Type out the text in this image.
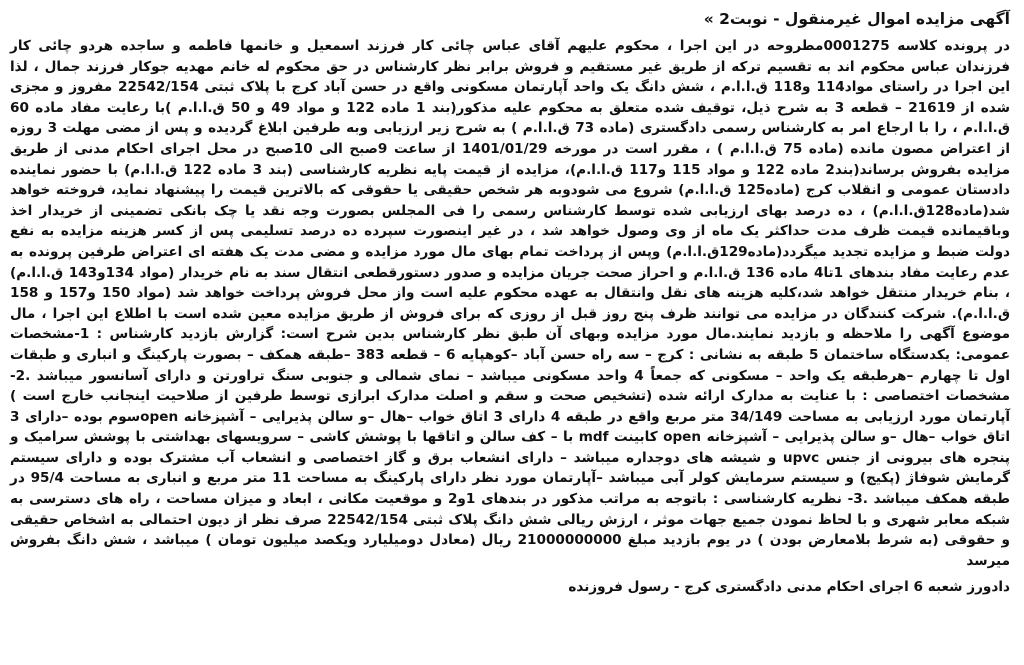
آگهی مزایده اموال غیرمنقول - نوبت2 »

در پرونده کلاسه 0001275مطروحه در این اجرا ، محکوم علیهم آقای عباس چائی کار فرزند اسمعیل و خانمها فاطمه و ساجده هردو چائی کار فرزندان عباس محکوم اند به تقسیم ترکه از طریق غیر مستقیم و فروش برابر نظر کارشناس در حق محکوم له خانم مهدیه جوکار فرزند جمال ، لذا این اجرا در راستای مواد114 و118 ق.ا.ا.م ، شش دانگ یک واحد آپارتمان مسکونی واقع در حسن آباد کرج با پلاک ثبتی 22542/154 مفروز و مجزی شده از 21619 – قطعه 3 به شرح ذیل، توقیف شده متعلق به محکوم علیه مذکور(بند 1 ماده 122 و مواد 49 و 50 ق.ا.ا.م )با رعایت مفاد ماده 60 ق.ا.ا.م ، را با ارجاع امر به کارشناس رسمی دادگستری (ماده 73 ق.ا.ا.م ) به شرح زیر ارزیابی وبه طرفین ابلاغ گردیده و پس از مضی مهلت 3 روزه از اعتراض مصون مانده (ماده 75 ق.ا.ا.م ) ، مقرر است در مورخه 1401/01/29 از ساعت 9صبح الی 10صبح در محل اجرای احکام مدنی از طریق مزایده بفروش برساند(بند2 ماده 122 و مواد 115 و117 ق.ا.ا.م)، مزایده از قیمت پایه نظریه کارشناسی (بند 3 ماده 122 ق.ا.ا.م) با حضور نماینده دادستان عمومی و انقلاب کرج (ماده125 ق.ا.ا.م) شروع می شودوبه هر شخص حقیقی یا حقوقی که بالاترین قیمت را پیشنهاد نماید، فروخته خواهد شد(ماده128ق.ا.ا.م) ، ده درصد بهای ارزیابی شده توسط کارشناس رسمی را فی المجلس بصورت وجه نقد یا چک بانکی تضمینی از خریدار اخذ وباقیمانده قیمت ظرف مدت حداکثر یک ماه از وی وصول خواهد شد ، در غیر اینصورت سپرده ده درصد تسلیمی پس از کسر هزینه مزایده به نفع دولت ضبط و مزایده تجدید میگردد(ماده129ق.ا.ا.م) وپس از پرداخت تمام بهای مال مورد مزایده و مضی مدت یک هفته ای اعتراض طرفین پرونده به عدم رعایت مفاد بندهای 1تا4 ماده 136 ق.ا.ا.م و احراز صحت جریان مزایده و صدور دستورقطعی انتقال سند به نام خریدار (مواد 134و143 ق.ا.ا.م) ، بنام خریدار منتقل خواهد شد،کلیه هزینه های نقل وانتقال به عهده محکوم علیه است واز محل فروش پرداخت خواهد شد (مواد 150 و157 و 158 ق.ا.ا.م). شرکت کنندگان در مزایده می توانند ظرف پنج روز قبل از روزی که برای فروش از طریق مزایده معین شده است با اطلاع این اجرا ، مال موضوع آگهی را ملاحظه و بازدید نمایند.مال مورد مزایده وبهای آن طبق نظر کارشناس بدین شرح است: گزارش بازدید کارشناس : 1-مشخصات عمومی: یکدستگاه ساختمان 5 طبقه به نشانی : کرج – سه راه حسن آباد –کوهپایه 6 – قطعه 383 –طبقه همکف – بصورت پارکینگ و انباری و طبقات اول تا چهارم –هرطبقه یک واحد – مسکونی که جمعاً 4 واحد مسکونی میباشد – نمای شمالی و جنوبی سنگ تراورتن و دارای آسانسور میباشد .2- مشخصات اختصاصی : با عنایت به مدارک ارائه شده (تشخیص صحت و سقم و اصلت مدارک ابرازی توسط طرفین از صلاحیت اینجانب خارج است ) آپارتمان مورد ارزیابی به مساحت 34/149 متر مربع واقع در طبقه 4 دارای 3 اتاق خواب –هال –و سالن پذیرایی – آشپزخانه openسوم بوده –دارای 3 اتاق خواب –هال –و سالن پذیرایی – آشپزخانه open کابینت mdf با – کف سالن و اتاقها با پوشش کاشی – سرویسهای بهداشتی با پوشش سرامیک و پنجره های بیرونی از جنس upvc و شیشه های دوجداره میباشد – دارای انشعاب برق و گاز اختصاصی و انشعاب آب مشترک بوده و دارای سیستم گرمایش شوفاژ (پکیج) و سیستم سرمایش کولر آبی میباشد –آپارتمان مورد نظر دارای پارکینگ به مساحت 11 متر مربع و انباری به مساحت 95/4 در طبقه همکف میباشد .3- نظریه کارشناسی : باتوجه به مراتب مذکور در بندهای 1و2 و موقعیت مکانی ، ابعاد و میزان مساحت ، راه های دسترسی به شبکه معابر شهری و با لحاظ نمودن جمیع جهات موثر ، ارزش ریالی شش دانگ پلاک ثبتی 22542/154 صرف نظر از دیون احتمالی به اشخاص حقیقی و حقوقی (به شرط بلامعارض بودن ) در یوم بازدید مبلغ 21000000000 ریال (معادل دومیلیارد ویکصد میلیون تومان ) میباشد ، شش دانگ بفروش میرسد

دادورز شعبه 6 اجرای احکام مدنی دادگستری کرج - رسول فروزنده
